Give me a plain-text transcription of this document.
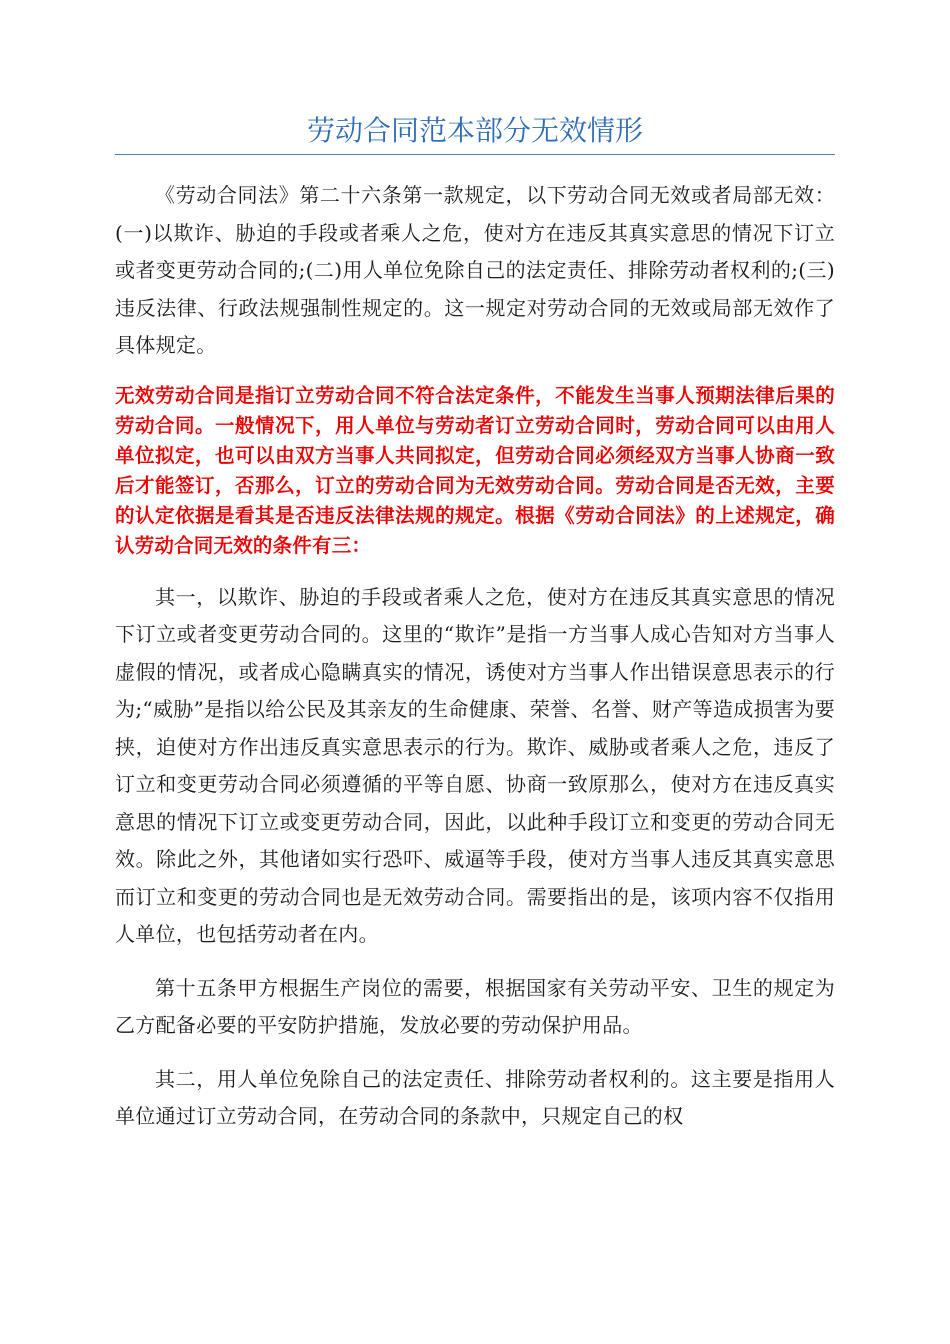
劳动合同范本部分无效情形

《劳动合同法》第二十六条第一款规定，以下劳动合同无效或者局部无效：(一)以欺诈、胁迫的手段或者乘人之危，使对方在违反其真实意思的情况下订立或者变更劳动合同的;(二)用人单位免除自己的法定责任、排除劳动者权利的;(三)违反法律、行政法规强制性规定的。这一规定对劳动合同的无效或局部无效作了具体规定。

无效劳动合同是指订立劳动合同不符合法定条件，不能发生当事人预期法律后果的劳动合同。一般情况下，用人单位与劳动者订立劳动合同时，劳动合同可以由用人单位拟定，也可以由双方当事人共同拟定，但劳动合同必须经双方当事人协商一致后才能签订，否那么，订立的劳动合同为无效劳动合同。劳动合同是否无效，主要的认定依据是看其是否违反法律法规的规定。根据《劳动合同法》的上述规定，确认劳动合同无效的条件有三：

其一，以欺诈、胁迫的手段或者乘人之危，使对方在违反其真实意思的情况下订立或者变更劳动合同的。这里的“欺诈”是指一方当事人成心告知对方当事人虚假的情况，或者成心隐瞒真实的情况，诱使对方当事人作出错误意思表示的行为;“威胁”是指以给公民及其亲友的生命健康、荣誉、名誉、财产等造成损害为要挟，迫使对方作出违反真实意思表示的行为。欺诈、威胁或者乘人之危，违反了订立和变更劳动合同必须遵循的平等自愿、协商一致原那么，使对方在违反真实意思的情况下订立或变更劳动合同，因此，以此种手段订立和变更的劳动合同无效。除此之外，其他诸如实行恐吓、威逼等手段，使对方当事人违反其真实意思而订立和变更的劳动合同也是无效劳动合同。需要指出的是，该项内容不仅指用人单位，也包括劳动者在内。

第十五条甲方根据生产岗位的需要，根据国家有关劳动平安、卫生的规定为乙方配备必要的平安防护措施，发放必要的劳动保护用品。

其二，用人单位免除自己的法定责任、排除劳动者权利的。这主要是指用人单位通过订立劳动合同，在劳动合同的条款中，只规定自己的权
